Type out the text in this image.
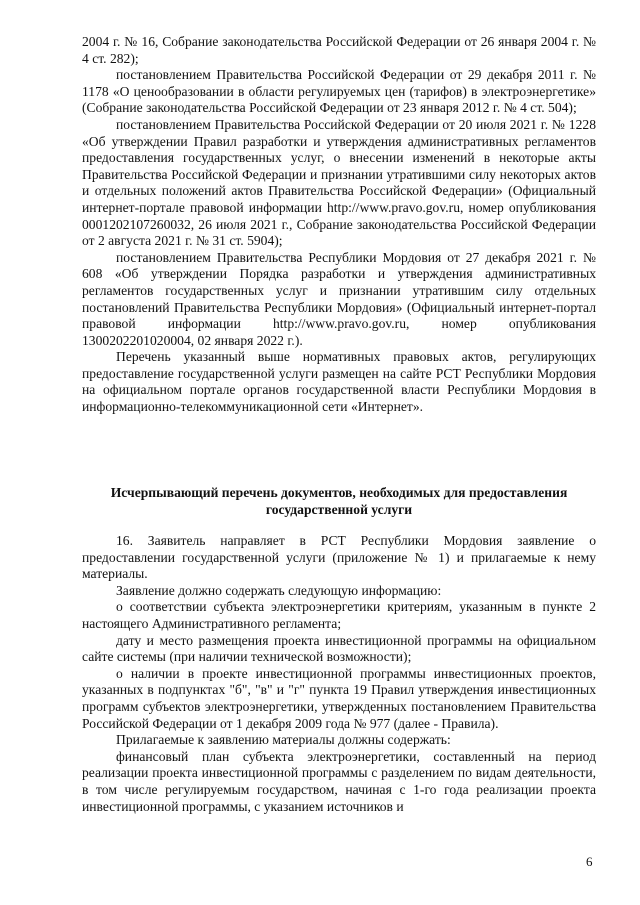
2004 г. № 16, Собрание законодательства Российской Федерации от 26 января 2004 г. № 4 ст. 282);

постановлением Правительства Российской Федерации от 29 декабря 2011 г. № 1178 «О ценообразовании в области регулируемых цен (тарифов) в электроэнергетике» (Собрание законодательства Российской Федерации от 23 января 2012 г. № 4 ст. 504);

постановлением Правительства Российской Федерации от 20 июля 2021 г. № 1228 «Об утверждении Правил разработки и утверждения административных регламентов предоставления государственных услуг, о внесении изменений в некоторые акты Правительства Российской Федерации и признании утратившими силу некоторых актов и отдельных положений актов Правительства Российской Федерации» (Официальный интернет-портале правовой информации http://www.pravo.gov.ru, номер опубликования 0001202107260032, 26 июля 2021 г., Собрание законодательства Российской Федерации от 2 августа 2021 г. № 31 ст. 5904);

постановлением Правительства Республики Мордовия от 27 декабря 2021 г. № 608 «Об утверждении Порядка разработки и утверждения административных регламентов государственных услуг и признании утратившим силу отдельных постановлений Правительства Республики Мордовия» (Официальный интернет-портал правовой информации http://www.pravo.gov.ru, номер опубликования 1300202201020004, 02 января 2022 г.).

Перечень указанный выше нормативных правовых актов, регулирующих предоставление государственной услуги размещен на сайте РСТ Республики Мордовия на официальном портале органов государственной власти Республики Мордовия в информационно-телекоммуникационной сети «Интернет».

Исчерпывающий перечень документов, необходимых для предоставления государственной услуги

16. Заявитель направляет в РСТ Республики Мордовия заявление о предоставлении государственной услуги (приложение № 1) и прилагаемые к нему материалы.

Заявление должно содержать следующую информацию:

о соответствии субъекта электроэнергетики критериям, указанным в пункте 2 настоящего Административного регламента;

дату и место размещения проекта инвестиционной программы на официальном сайте системы (при наличии технической возможности);

о наличии в проекте инвестиционной программы инвестиционных проектов, указанных в подпунктах "б", "в" и "г" пункта 19 Правил утверждения инвестиционных программ субъектов электроэнергетики, утвержденных постановлением Правительства Российской Федерации от 1 декабря 2009 года № 977 (далее - Правила).

Прилагаемые к заявлению материалы должны содержать:

финансовый план субъекта электроэнергетики, составленный на период реализации проекта инвестиционной программы с разделением по видам деятельности, в том числе регулируемым государством, начиная с 1-го года реализации проекта инвестиционной программы, с указанием источников и

6
